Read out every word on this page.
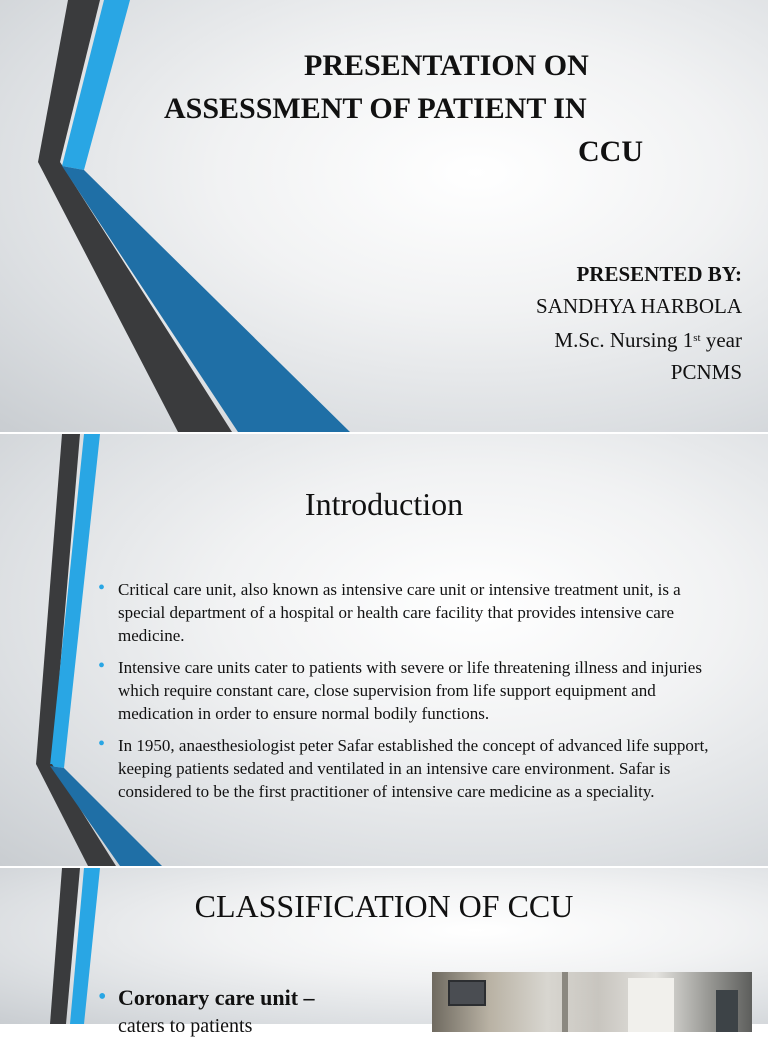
PRESENTATION ON
ASSESSMENT OF PATIENT IN
CCU
PRESENTED BY:
SANDHYA HARBOLA
M.Sc. Nursing 1st year
PCNMS
Introduction
• Critical care unit, also known as intensive care unit or intensive treatment unit, is a special department of a hospital or health care facility that provides intensive care medicine.
• Intensive care units cater to patients with severe or life threatening illness and injuries which require constant care, close supervision from life support equipment and medication in order to ensure normal bodily functions.
• In 1950, anaesthesiologist peter Safar established the concept of advanced life support, keeping patients sedated and ventilated in an intensive care environment. Safar is considered to be the first practitioner of intensive care medicine as a speciality.
CLASSIFICATION OF CCU
• Coronary care unit –
caters to patients
